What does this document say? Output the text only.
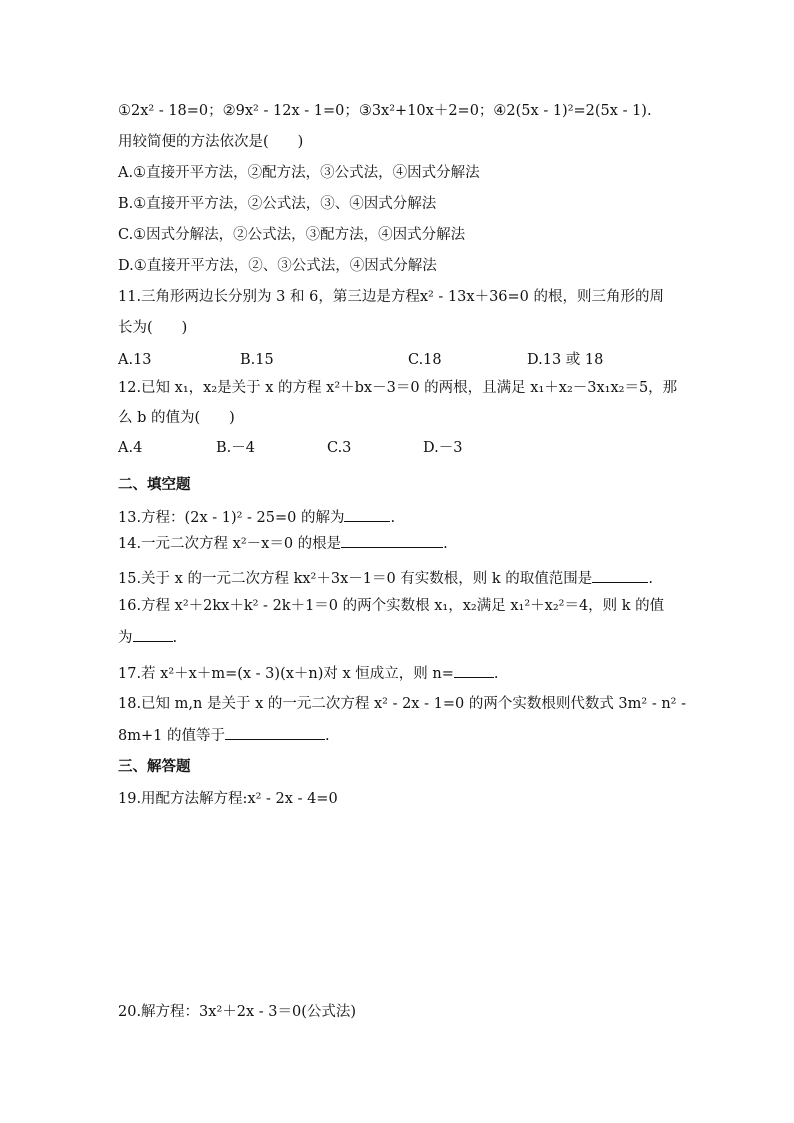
①2x² - 18=0；②9x² - 12x - 1=0；③3x²+10x＋2=0；④2(5x - 1)²=2(5x - 1).
用较简便的方法依次是(　　)
A.①直接开平方法，②配方法，③公式法，④因式分解法
B.①直接开平方法，②公式法，③、④因式分解法
C.①因式分解法，②公式法，③配方法，④因式分解法
D.①直接开平方法，②、③公式法，④因式分解法
11.三角形两边长分别为 3 和 6，第三边是方程x² - 13x＋36=0 的根，则三角形的周
长为(　　)
A.13	B.15	C.18	D.13 或 18
12.已知 x₁，x₂是关于 x 的方程 x²＋bx－3＝0 的两根，且满足 x₁＋x₂－3x₁x₂＝5，那
么 b 的值为(　　)
A.4	B.－4	C.3	D.－3
二、填空题
13.方程：(2x - 1)² - 25=0 的解为	.
14.一元二次方程 x²－x＝0 的根是	.
15.关于 x 的一元二次方程 kx²＋3x－1＝0 有实数根，则 k 的取值范围是	.
16.方程 x²＋2kx＋k² - 2k＋1＝0 的两个实数根 x₁，x₂满足 x₁²＋x₂²＝4，则 k 的值
为	.
17.若 x²＋x＋m=(x - 3)(x＋n)对 x 恒成立，则 n=	.
18.已知 m,n 是关于 x 的一元二次方程 x² - 2x - 1=0 的两个实数根则代数式 3m² - n² -
8m+1 的值等于	.
三、解答题
19.用配方法解方程:x² - 2x - 4=0
20.解方程：3x²＋2x - 3＝0(公式法)
